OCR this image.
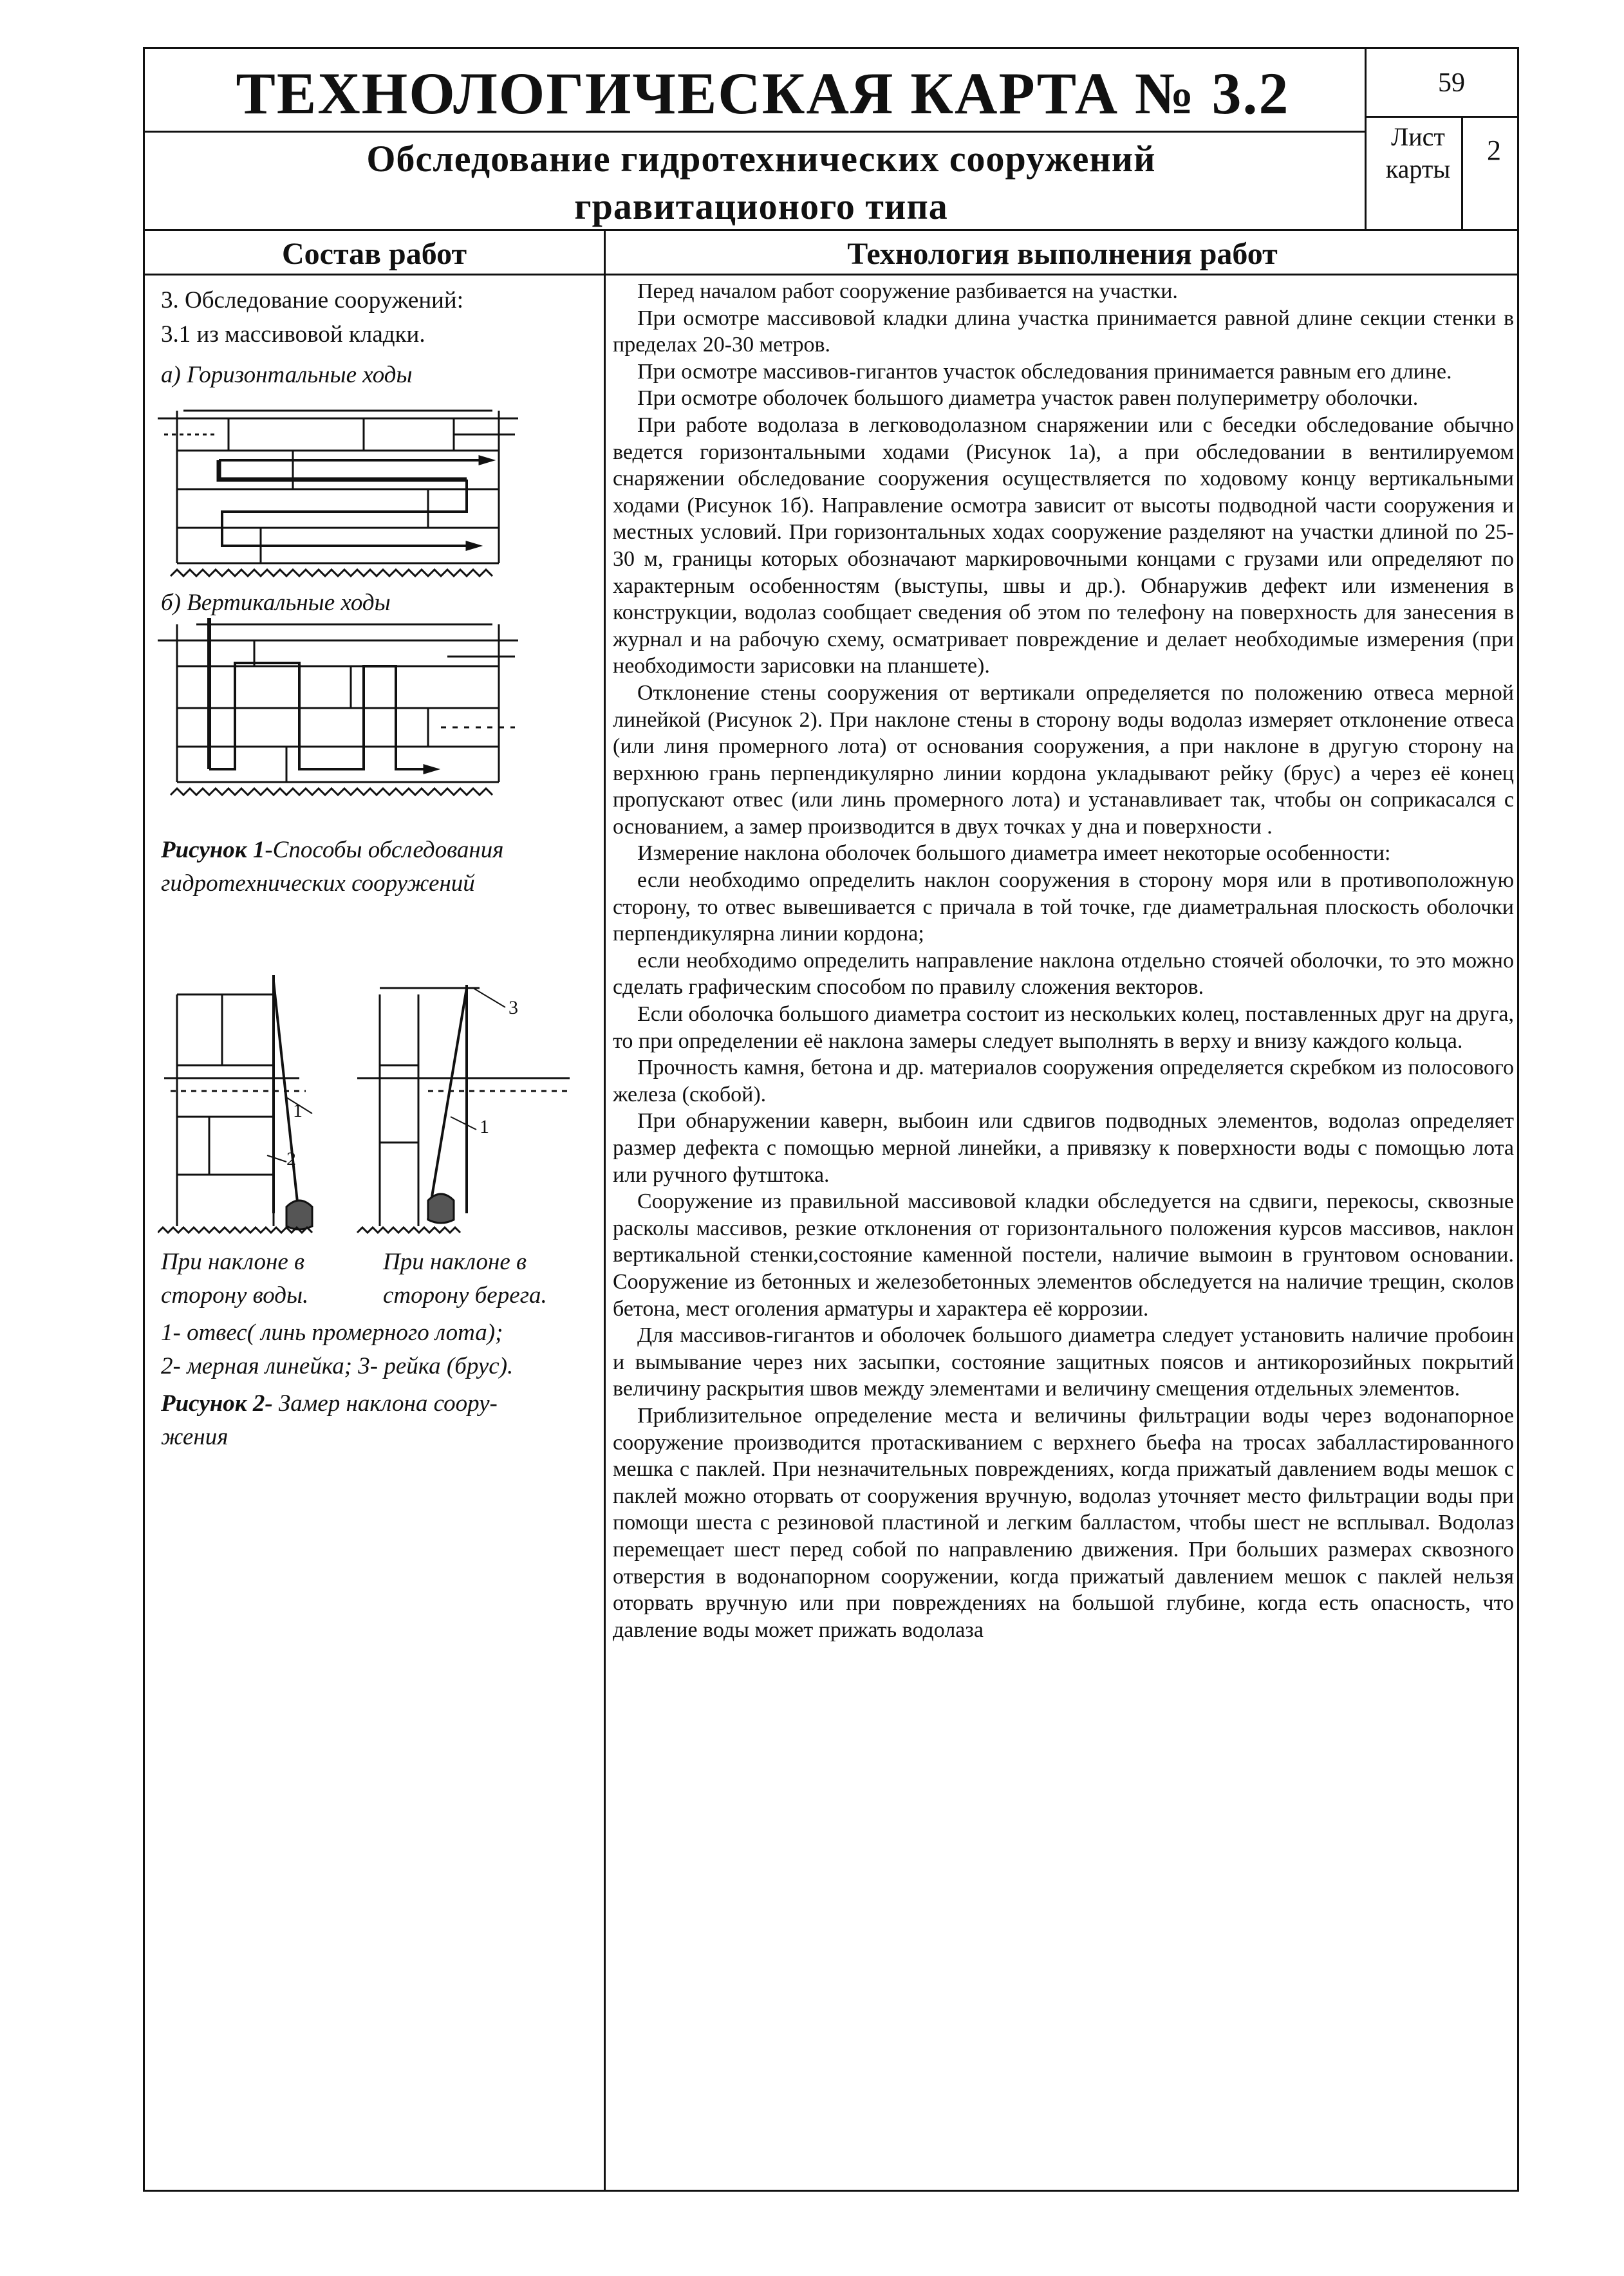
ТЕХНОЛОГИЧЕСКАЯ КАРТА № 3.2	59
Обследование гидротехнических сооружений
гравитационого типа
Лист
карты
2
Состав работ	Технология выполнения работ

3. Обследование сооружений:

3.1 из массивовой кладки.

а) Горизонтальные ходы

б) Вертикальные ходы

Рисунок 1-Способы обследования

гидротехнических сооружений

1
2
3
1

При наклоне в

сторону воды.

При наклоне в

сторону берега.

1- отвес( линь промерного лота);

2- мерная линейка; 3- рейка (брус).

Рисунок 2- Замер наклона соору-

жения

Перед началом работ сооружение разбивается на участки.

При осмотре массивовой кладки длина участка принимается равной длине секции стенки в пределах 20-30 метров.

При осмотре массивов-гигантов участок обследования принимается равным его длине.

При осмотре оболочек большого диаметра участок равен полупериметру оболочки.

При работе водолаза в легководолазном снаряжении или с беседки обследование обычно ведется горизонтальными ходами (Рисунок 1а), а при обследовании в вентилируемом снаряжении обследование сооружения осуществляется по ходовому концу вертикальными ходами (Рисунок 1б). Направление осмотра зависит от высоты подводной части сооружения и местных условий. При горизонтальных ходах сооружение разделяют на участки длиной по 25-30 м, границы которых обозначают маркировочными концами с грузами или определяют по характерным особенностям (выступы, швы и др.). Обнаружив дефект или изменения в конструкции, водолаз сообщает сведения об этом по телефону на поверхность для занесения в журнал и на рабочую схему, осматривает повреждение и делает необходимые измерения (при необходимости зарисовки на планшете).

Отклонение стены сооружения от вертикали определяется по положению отвеса мерной линейкой (Рисунок 2). При наклоне стены в сторону воды водолаз измеряет отклонение отвеса (или линя промерного лота) от основания сооружения, а при наклоне в другую сторону на верхнюю грань перпендикулярно линии кордона укладывают рейку (брус) а через её конец пропускают отвес (или линь промерного лота) и устанавливает так, чтобы он соприкасался с основанием, а замер производится в двух точках у дна и поверхности .

Измерение наклона оболочек большого диаметра имеет некоторые особенности:

если необходимо определить наклон сооружения в сторону моря или в противоположную сторону, то отвес вывешивается с причала в той точке, где диаметральная плоскость оболочки перпендикулярна линии кордона;

если необходимо определить направление наклона отдельно стоячей оболочки, то это можно сделать графическим способом по правилу сложения векторов.

Если оболочка большого диаметра состоит из нескольких колец, поставленных друг на друга, то при определении её наклона замеры следует выполнять в верху и внизу каждого кольца.

Прочность камня, бетона и др. материалов сооружения определяется скребком из полосового железа (скобой).

При обнаружении каверн, выбоин или сдвигов подводных элементов, водолаз определяет размер дефекта с помощью мерной линейки, а привязку к поверхности воды с помощью лота или ручного футштока.

Сооружение из правильной массивовой кладки обследуется на сдвиги, перекосы, сквозные расколы массивов, резкие отклонения от горизонтального положения курсов массивов, наклон вертикальной стенки,состояние каменной постели, наличие вымоин в грунтовом основании. Сооружение из бетонных и железобетонных элементов обследуется на наличие трещин, сколов бетона, мест оголения арматуры и характера её коррозии.

Для массивов-гигантов и оболочек большого диаметра следует установить наличие пробоин и вымывание через них засыпки, состояние защитных поясов и антикорозийных покрытий величину раскрытия швов между элементами и величину смещения отдельных элементов.

Приблизительное определение места и величины фильтрации воды через водонапорное сооружение производится протаскиванием с верхнего бьефа на тросах забалластированного мешка с паклей. При незначительных повреждениях, когда прижатый давлением воды мешок с паклей можно оторвать от сооружения вручную, водолаз уточняет место фильтрации воды при помощи шеста с резиновой пластиной и легким балластом, чтобы шест не всплывал. Водолаз перемещает шест перед собой по направлению движения. При больших размерах сквозного отверстия в водонапорном сооружении, когда прижатый давлением мешок с паклей нельзя оторвать вручную или при повреждениях на большой глубине, когда есть опасность, что давление воды может прижать водолаза
